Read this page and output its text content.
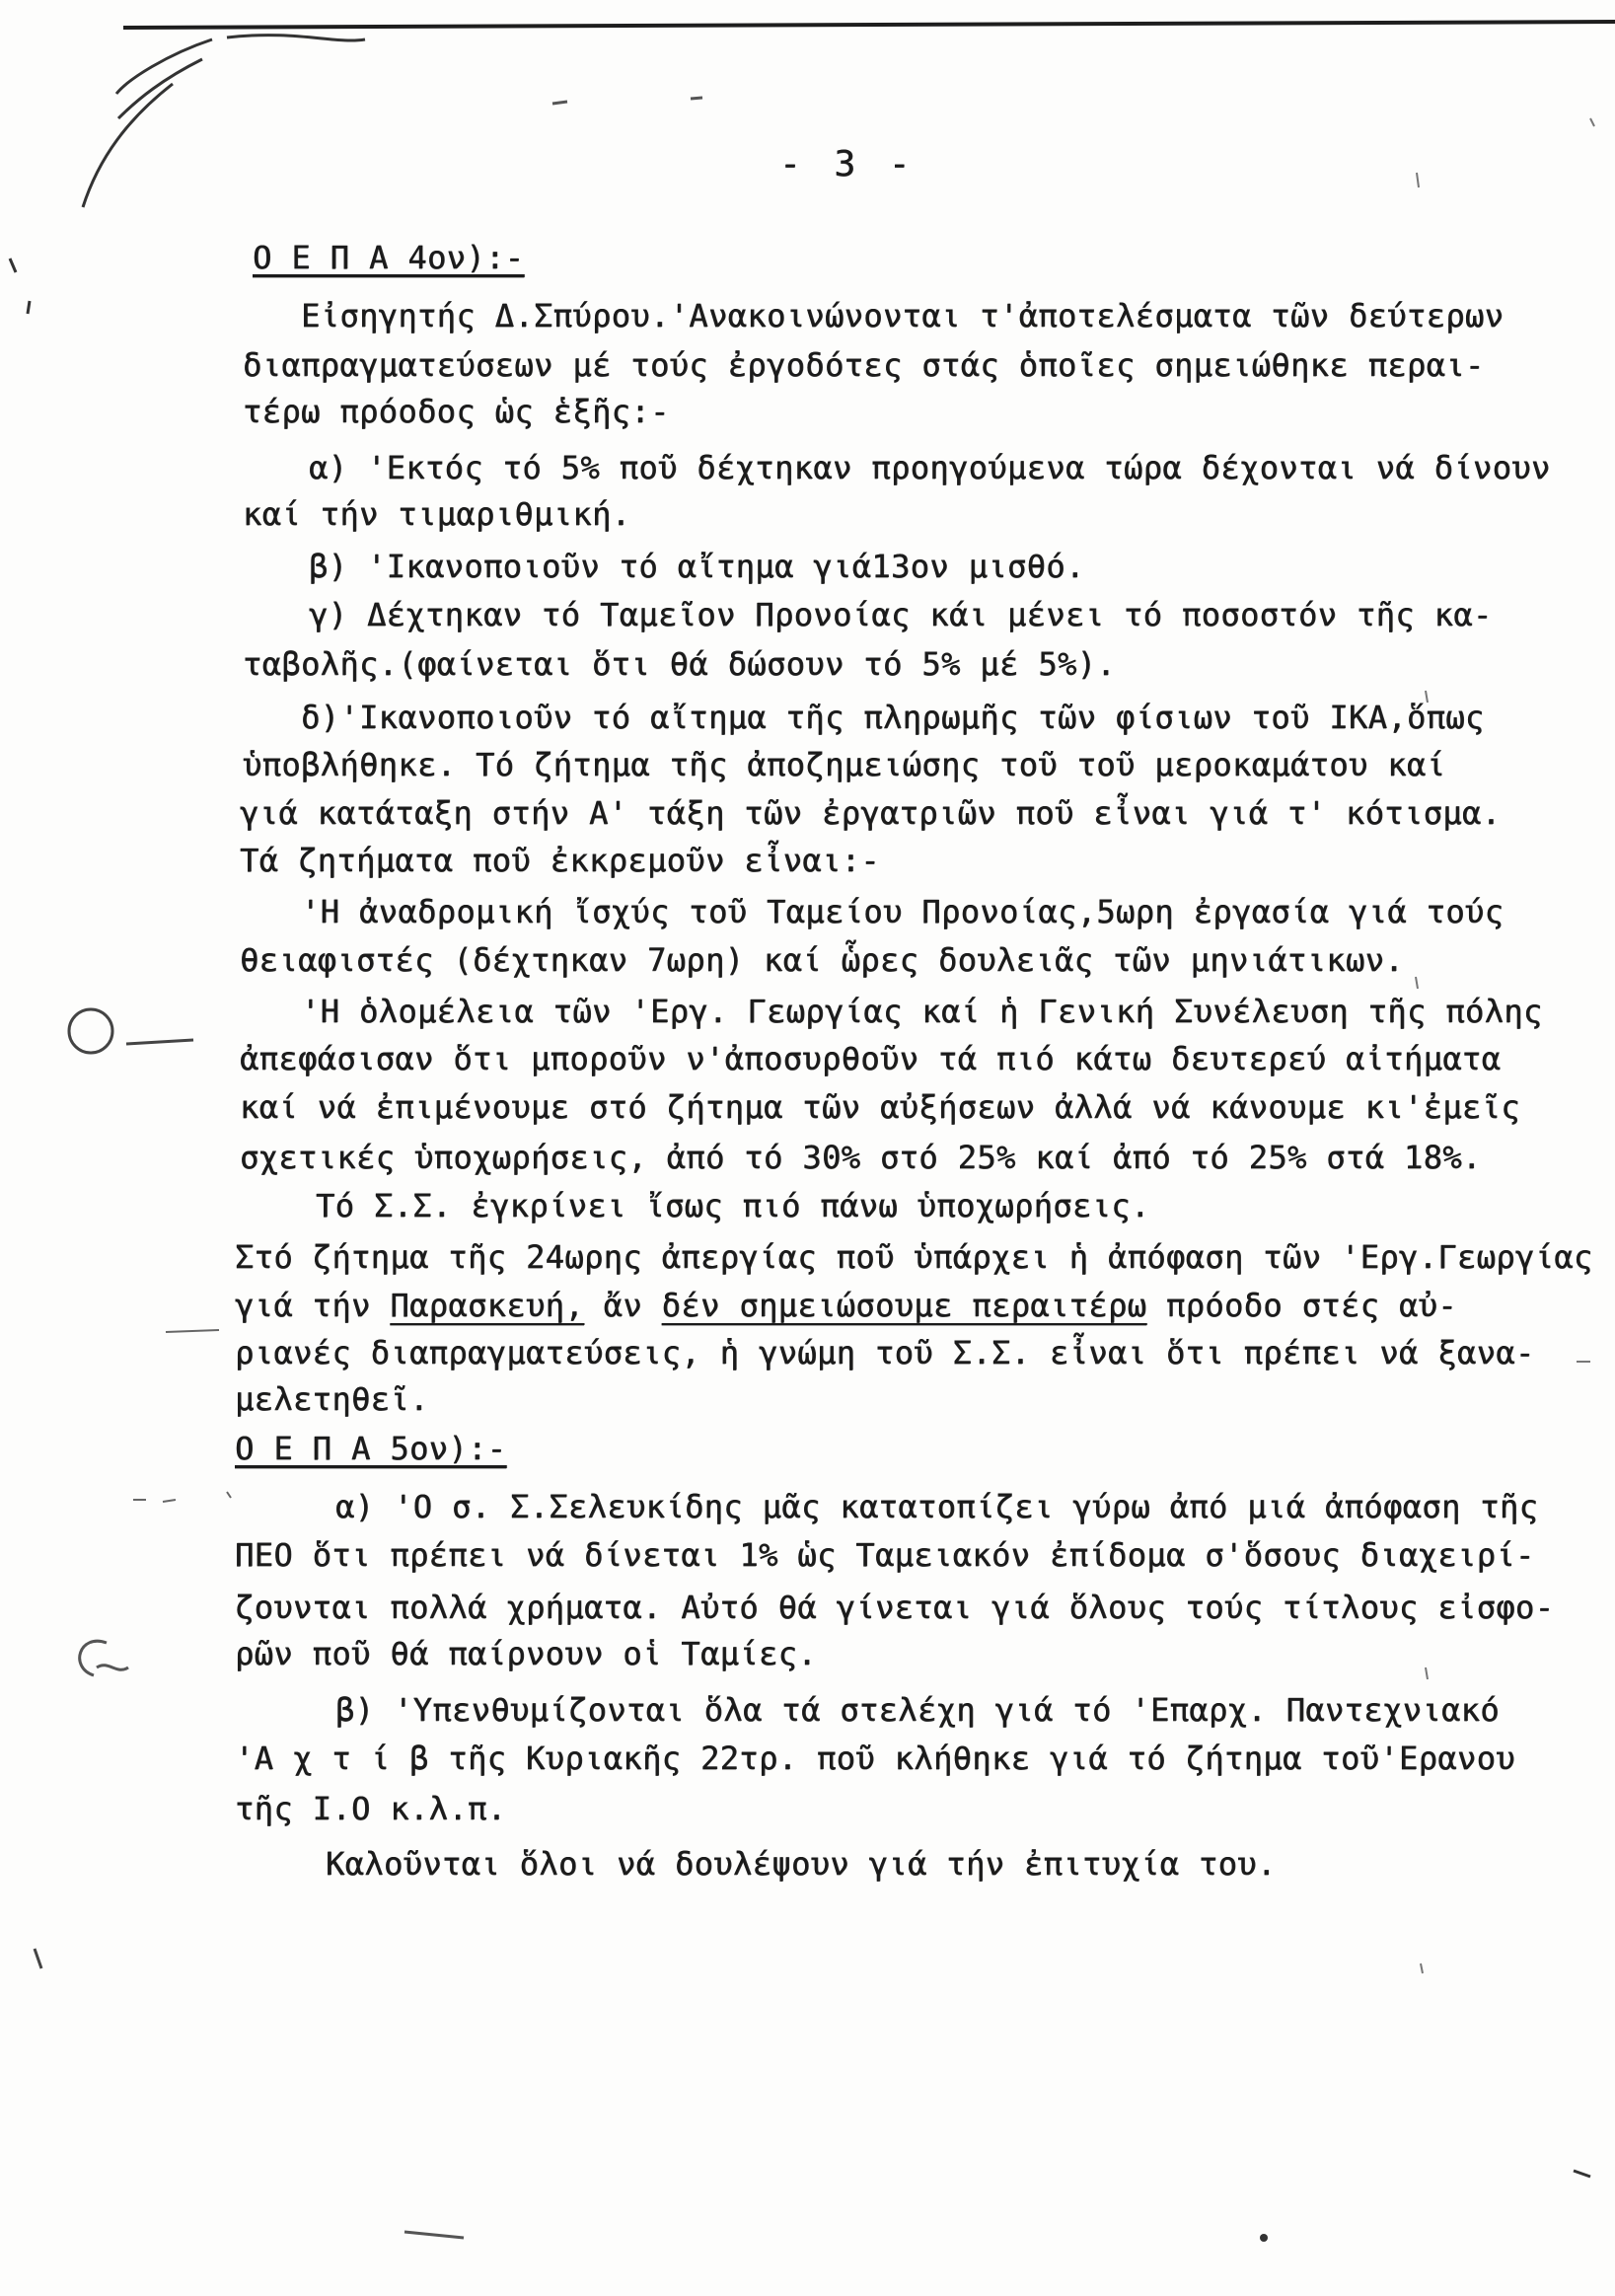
- 3 -
Ο Ε Π Α 4ον):-
Εἰσηγητής Δ.Σπύρου.'Ανακοινώνονται τ'ἀποτελέσματα τῶν δεύτερων
διαπραγματεύσεων μέ τούς ἐργοδότες στάς ὁποῖες σημειώθηκε περαι-
τέρω πρόοδος ὡς ἑξῆς:-
α) 'Εκτός τό 5% ποῦ δέχτηκαν προηγούμενα τώρα δέχονται νά δίνουν
καί τήν τιμαριθμική.
β) 'Ικανοποιοῦν τό αἴτημα γιά13ον μισθό.
γ) Δέχτηκαν τό Ταμεῖον Προνοίας κάι μένει τό ποσοστόν τῆς κα-
ταβολῆς.(φαίνεται ὅτι θά δώσουν τό 5% μέ 5%).
δ)'Ικανοποιοῦν τό αἴτημα τῆς πληρωμῆς τῶν φίσιων τοῦ ΙΚΑ,ὅπως
ὑποβλήθηκε. Τό ζήτημα τῆς ἀποζημειώσης τοῦ τοῦ μεροκαμάτου καί
γιά κατάταξη στήν Α' τάξη τῶν ἐργατριῶν ποῦ εἶναι γιά τ' κότισμα.
Τά ζητήματα ποῦ ἐκκρεμοῦν εἶναι:-
'Η ἀναδρομική ἴσχύς τοῦ Ταμείου Προνοίας,5ωρη ἐργασία γιά τούς
θειαφιστές (δέχτηκαν 7ωρη) καί ὧρες δουλειᾶς τῶν μηνιάτικων.
'Η ὁλομέλεια τῶν 'Εργ. Γεωργίας καί ἡ Γενική Συνέλευση τῆς πόλης
ἀπεφάσισαν ὅτι μποροῦν ν'ἀποσυρθοῦν τά πιό κάτω δευτερεύ αἰτήματα
καί νά ἐπιμένουμε στό ζήτημα τῶν αὐξήσεων ἀλλά νά κάνουμε κι'ἐμεῖς
σχετικές ὑποχωρήσεις, ἀπό τό 30% στό 25% καί ἀπό τό 25% στά 18%.
Τό Σ.Σ. ἐγκρίνει ἴσως πιό πάνω ὑποχωρήσεις.
Στό ζήτημα τῆς 24ωρης ἀπεργίας ποῦ ὑπάρχει ἡ ἀπόφαση τῶν 'Εργ.Γεωργίας
γιά τήν Παρασκευή, ἄν δέν σημειώσουμε περαιτέρω πρόοδο στές αὐ-
ριανές διαπραγματεύσεις, ἡ γνώμη τοῦ Σ.Σ. εἶναι ὅτι πρέπει νά ξανα-
μελετηθεῖ.
Ο Ε Π Α 5ον):-
α) 'Ο σ. Σ.Σελευκίδης μᾶς κατατοπίζει γύρω ἀπό μιά ἀπόφαση τῆς
ΠΕΟ ὅτι πρέπει νά δίνεται 1% ὡς Ταμειακόν ἐπίδομα σ'ὅσους διαχειρί-
ζουνται πολλά χρήματα. Αὐτό θά γίνεται γιά ὅλους τούς τίτλους εἰσφο-
ρῶν ποῦ θά παίρνουν οἱ Ταμίες.
β) 'Υπενθυμίζονται ὅλα τά στελέχη γιά τό 'Επαρχ. Παντεχνιακό
'Α χ τ ί β τῆς Κυριακῆς 22τρ. ποῦ κλήθηκε γιά τό ζήτημα τοῦ'Ερανου
τῆς Ι.Ο κ.λ.π.
Καλοῦνται ὅλοι νά δουλέψουν γιά τήν ἐπιτυχία του.
